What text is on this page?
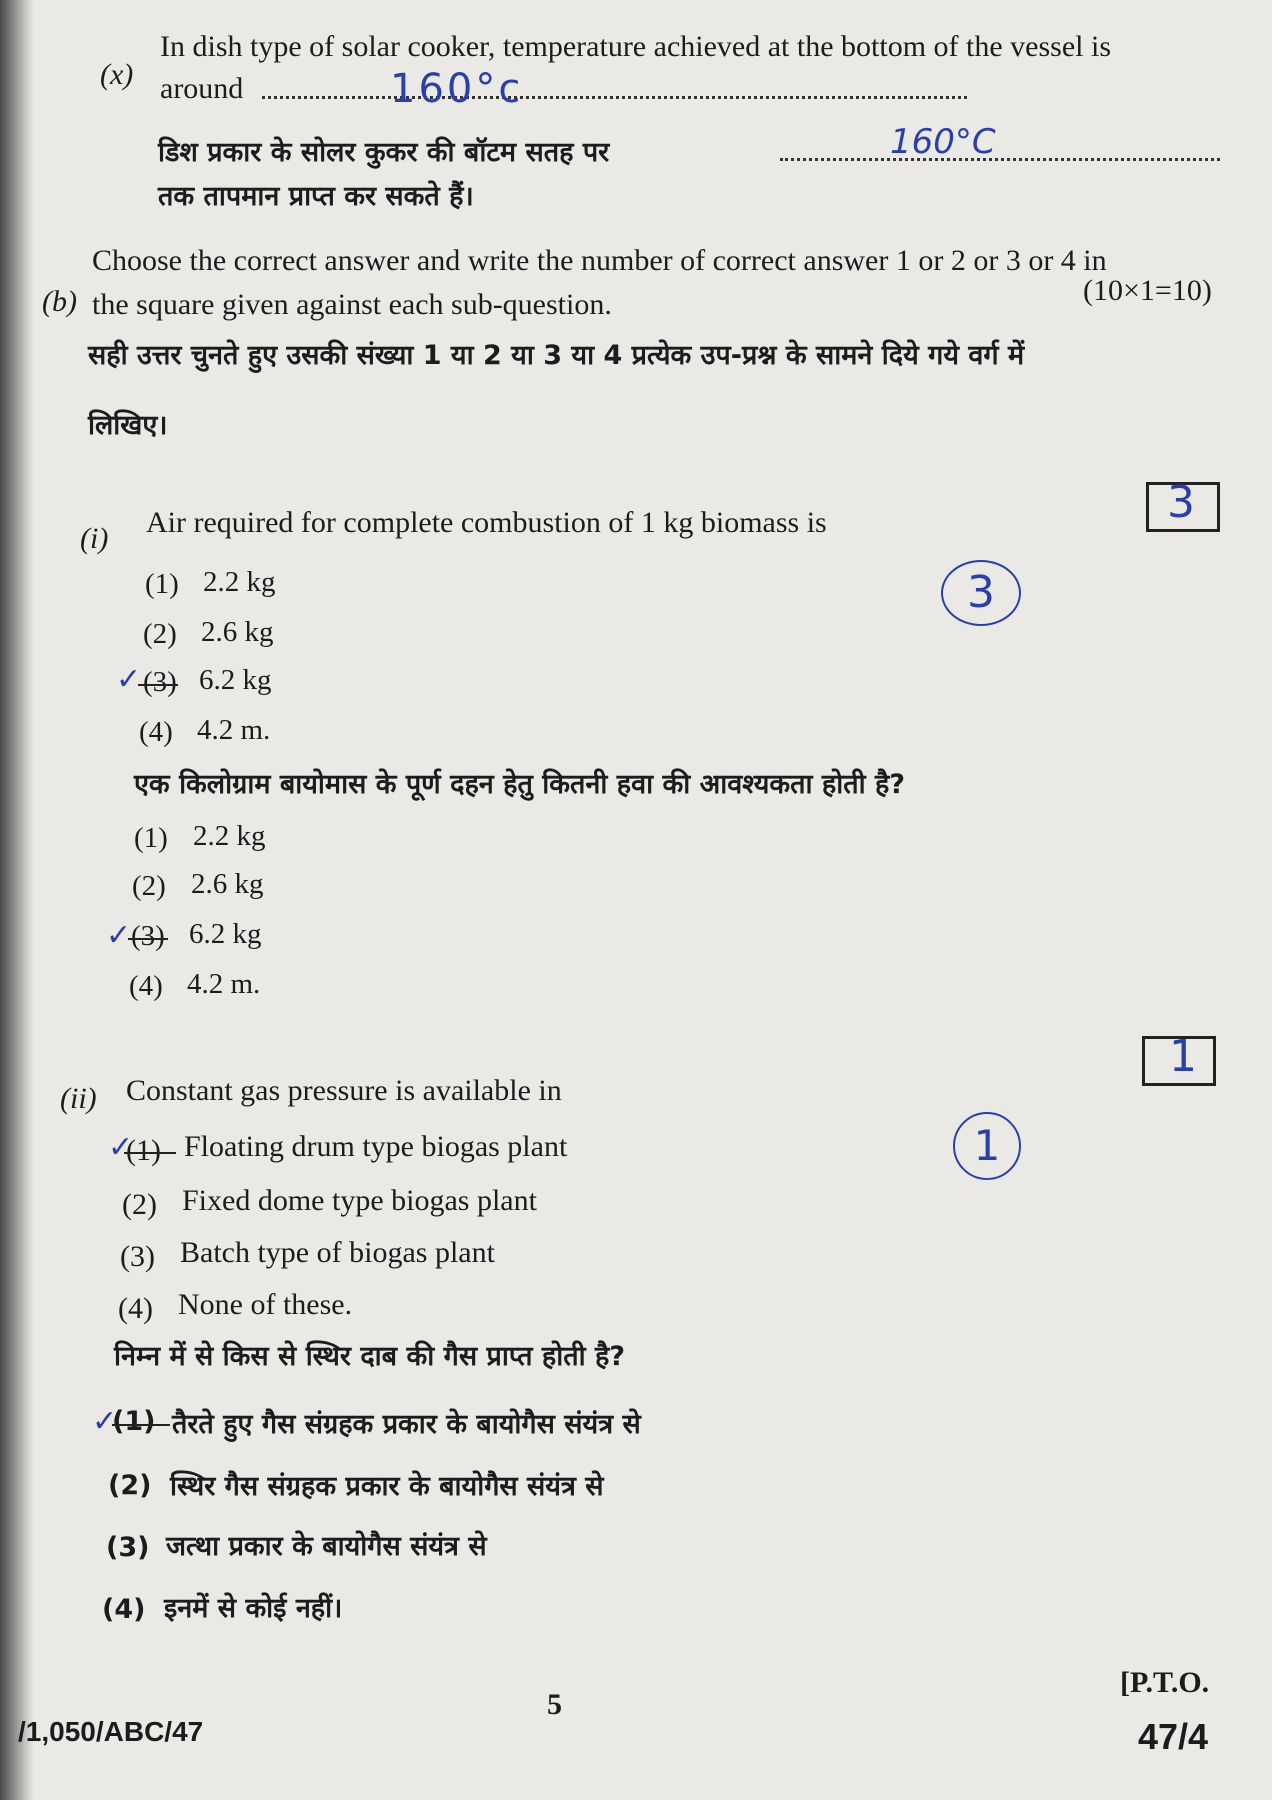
(x)
In dish type of solar cooker, temperature achieved at the bottom of the vessel is
around	160°c
डिश प्रकार के सोलर कुकर की बॉटम सतह पर	160°C
तक तापमान प्राप्त कर सकते हैं।
(b)
Choose the correct answer and write the number of correct answer 1 or 2 or 3 or 4 in
the square given against each sub-question.	(10×1=10)
सही उत्तर चुनते हुए उसकी संख्या 1 या 2 या 3 या 4 प्रत्येक उप-प्रश्न के सामने दिये गये वर्ग में
लिखिए।
(i) Air required for complete combustion of 1 kg biomass is	3
3
(1) 2.2 kg
(2) 2.6 kg
✓ (3) 6.2 kg
(4) 4.2 m.
एक किलोग्राम बायोमास के पूर्ण दहन हेतु कितनी हवा की आवश्यकता होती है?
(1) 2.2 kg
(2) 2.6 kg
✓ (3) 6.2 kg
(4) 4.2 m.
(ii) Constant gas pressure is available in
1
1
✓
(1) Floating drum type biogas plant
(2) Fixed dome type biogas plant
(3) Batch type of biogas plant
(4) None of these.
निम्न में से किस से स्थिर दाब की गैस प्राप्त होती है?
✓
(1) तैरते हुए गैस संग्रहक प्रकार के बायोगैस संयंत्र से
(2) स्थिर गैस संग्रहक प्रकार के बायोगैस संयंत्र से
(3) जत्था प्रकार के बायोगैस संयंत्र से
(4) इनमें से कोई नहीं।
5
[P.T.O.
/1,050/ABC/47	47/4
